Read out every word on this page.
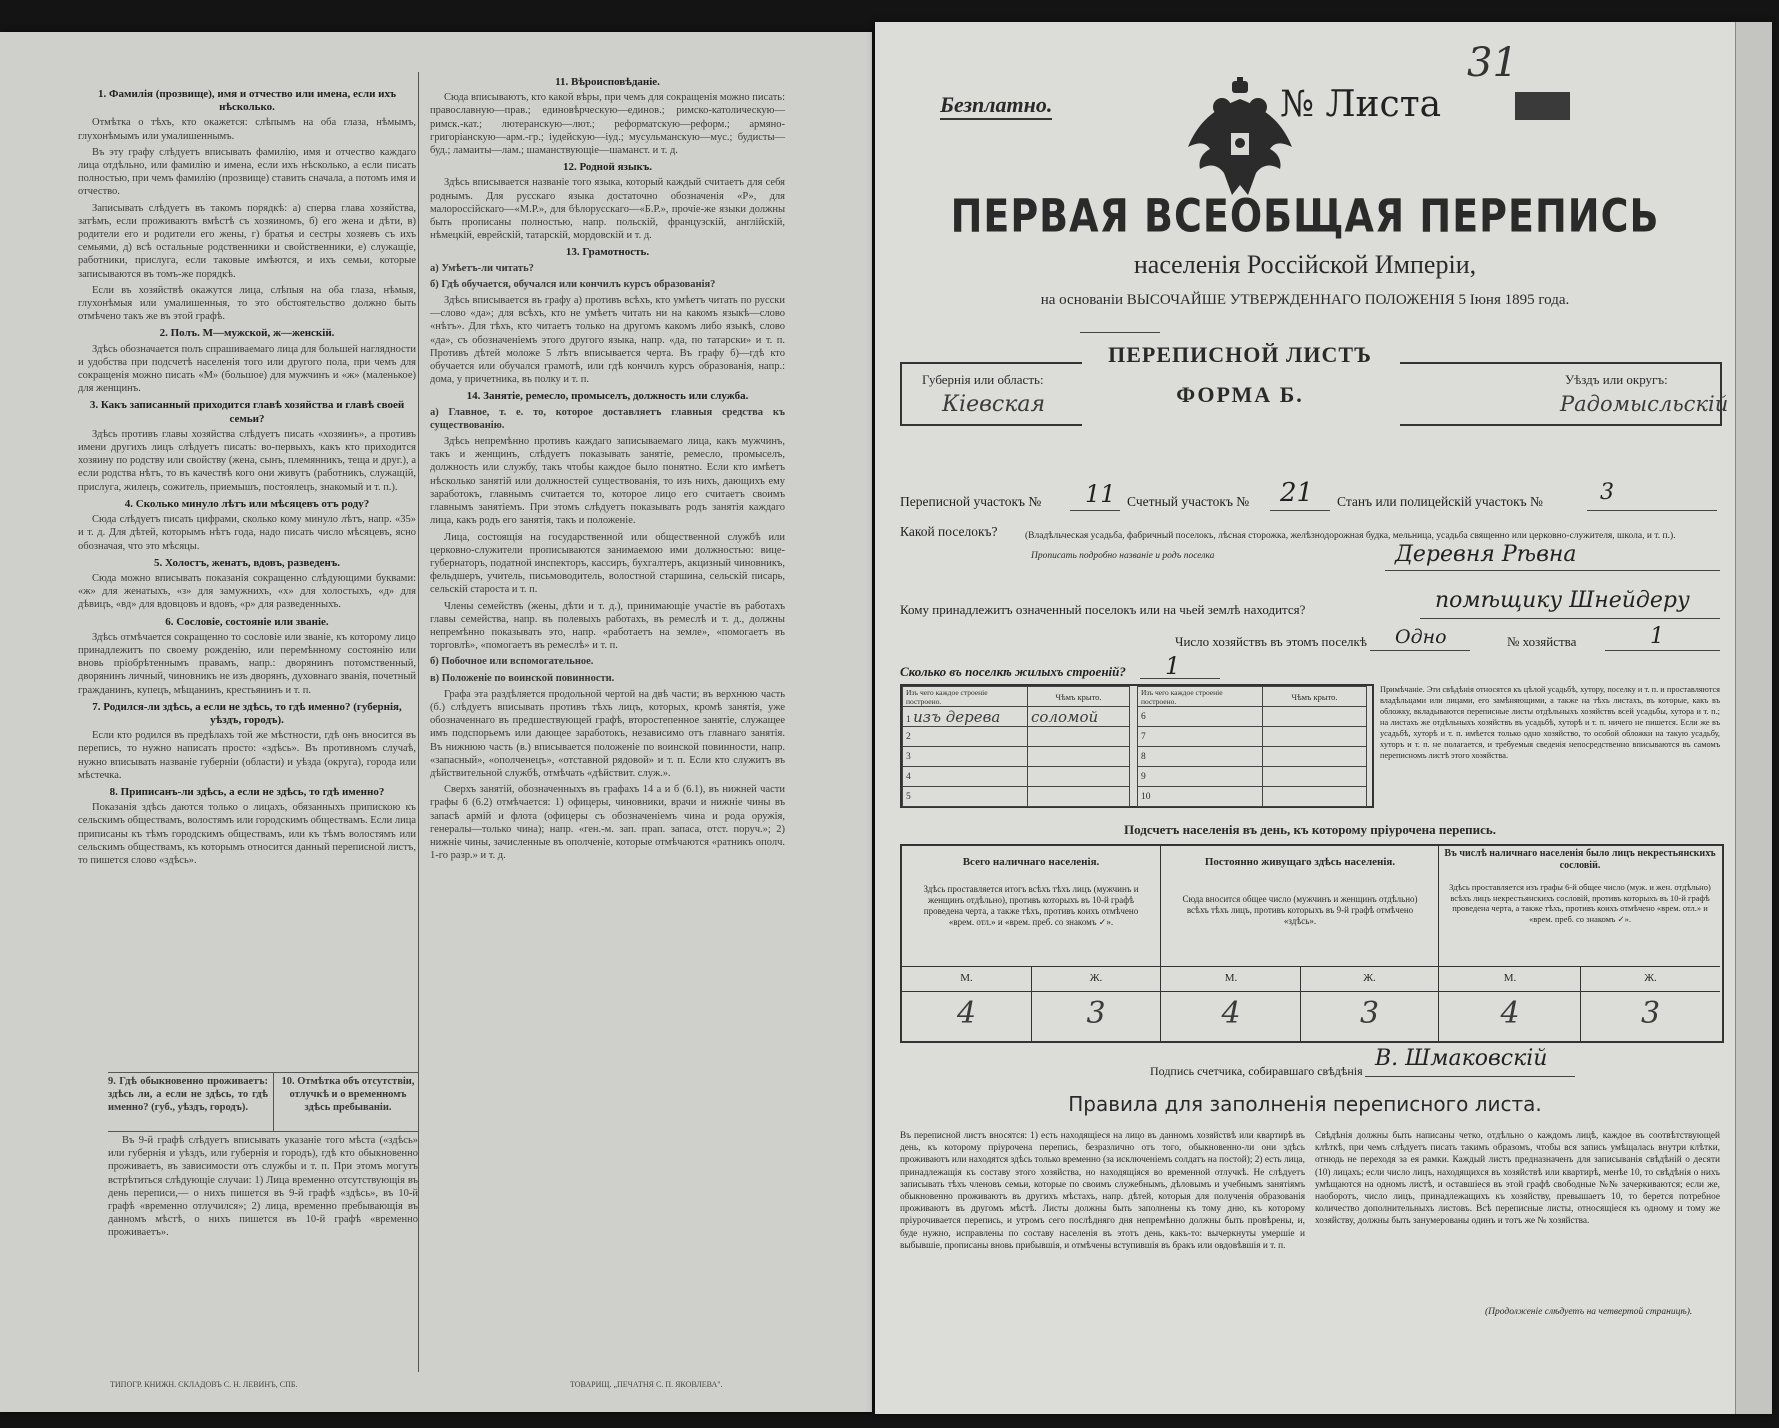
1. Фамилія (прозвище), имя и отчество или имена, если ихъ нѣсколько.

Отмѣтка о тѣхъ, кто окажется: слѣпымъ на оба глаза, нѣмымъ, глухонѣмымъ или умалишеннымъ.

Въ эту графу слѣдуетъ вписывать фамилію, имя и отчество каждаго лица отдѣльно, или фамилію и имена, если ихъ нѣсколько, а если писать полностью, при чемъ фамилію (прозвище) ставить сначала, а потомъ имя и отчество.

Записывать слѣдуетъ въ такомъ порядкѣ: а) сперва глава хозяйства, затѣмъ, если проживаютъ вмѣстѣ съ хозяиномъ, б) его жена и дѣти, в) родители его и родители его жены, г) братья и сестры хозяевъ съ ихъ семьями, д) всѣ остальные родственники и свойственники, е) служащіе, работники, прислуга, если таковые имѣются, и ихъ семьи, которые записываются въ томъ-же порядкѣ.

Если въ хозяйствѣ окажутся лица, слѣпыя на оба глаза, нѣмыя, глухонѣмыя или умалишенныя, то это обстоятельство должно быть отмѣчено такъ же въ этой графѣ.

2. Полъ. М—мужской, ж—женскій.

Здѣсь обозначается полъ спрашиваемаго лица для большей наглядности и удобства при подсчетѣ населенія того или другого пола, при чемъ для сокращенія можно писать «М» (большое) для мужчинъ и «ж» (маленькое) для женщинъ.

3. Какъ записанный приходится главѣ хозяйства и главѣ своей семьи?

Здѣсь противъ главы хозяйства слѣдуетъ писать «хозяинъ», а противъ имени другихъ лицъ слѣдуетъ писать: во-первыхъ, какъ кто приходится хозяину по родству или свойству (жена, сынъ, племянникъ, теща и друг.), а если родства нѣтъ, то въ качествѣ кого они живутъ (работникъ, служащій, прислуга, жилецъ, сожитель, приемышъ, постоялецъ, знакомый и т. п.).

4. Сколько минуло лѣтъ или мѣсяцевъ отъ роду?

Сюда слѣдуетъ писать цифрами, сколько кому минуло лѣтъ, напр. «35» и т. д. Для дѣтей, которымъ нѣтъ года, надо писать число мѣсяцевъ, ясно обозначая, что это мѣсяцы.

5. Холостъ, женатъ, вдовъ, разведенъ.

Сюда можно вписывать показанія сокращенно слѣдующими буквами: «ж» для женатыхъ, «з» для замужнихъ, «х» для холостыхъ, «д» для дѣвицъ, «вд» для вдовцовъ и вдовъ, «р» для разведенныхъ.

6. Сословіе, состояніе или званіе.

Здѣсь отмѣчается сокращенно то сословіе или званіе, къ которому лицо принадлежитъ по своему рожденію, или перемѣнному состоянію или вновь пріобрѣтеннымъ правамъ, напр.: дворянинъ потомственный, дворянинъ личный, чиновникъ не изъ дворянъ, духовнаго званія, почетный гражданинъ, купецъ, мѣщанинъ, крестьянинъ и т. п.

7. Родился-ли здѣсь, а если не здѣсь, то гдѣ именно? (губернія, уѣздъ, городъ).

Если кто родился въ предѣлахъ той же мѣстности, гдѣ онъ вносится въ перепись, то нужно написать просто: «здѣсь». Въ противномъ случаѣ, нужно вписывать названіе губерніи (области) и уѣзда (округа), города или мѣстечка.

8. Приписанъ-ли здѣсь, а если не здѣсь, то гдѣ именно?

Показанія здѣсь даются только о лицахъ, обязанныхъ припискою къ сельскимъ обществамъ, волостямъ или городскимъ обществамъ. Если лица приписаны къ тѣмъ городскимъ обществамъ, или къ тѣмъ волостямъ или сельскимъ обществамъ, къ которымъ относится данный переписной листъ, то пишется слово «здѣсь».

9. Гдѣ обыкновенно проживаетъ: здѣсь ли, а если не здѣсь, то гдѣ именно? (губ., уѣздъ, городъ).
10. Отмѣтка объ отсутствіи, отлучкѣ и о временномъ здѣсь пребываніи.

Въ 9-й графѣ слѣдуетъ вписывать указаніе того мѣста («здѣсь» или губернія и уѣздъ, или губернія и городъ), гдѣ кто обыкновенно проживаетъ, въ зависимости отъ службы и т. п. При этомъ могутъ встрѣтиться слѣдующіе случаи: 1) Лица временно отсутствующія въ день переписи,— о нихъ пишется въ 9-й графѣ «здѣсь», въ 10-й графѣ «временно отлучился»; 2) лица, временно пребывающія въ данномъ мѣстѣ, о нихъ пишется въ 10-й графѣ «временно проживаетъ».

ТИПОГР. КНИЖН. СКЛАДОВЪ С. Н. ЛЕВИНЪ, СПБ.
11. Вѣроисповѣданіе.

Сюда вписываютъ, кто какой вѣры, при чемъ для сокращенія можно писать: православную—прав.; единовѣрческую—единов.; римско-католическую—римск.-кат.; лютеранскую—лют.; реформатскую—реформ.; армяно-григоріанскую—арм.-гр.; іудейскую—іуд.; мусульманскую—мус.; будисты—буд.; ламаиты—лам.; шаманствующіе—шаманст. и т. д.

12. Родной языкъ.

Здѣсь вписывается названіе того языка, который каждый считаетъ для себя роднымъ. Для русскаго языка достаточно обозначенія «Р», для малороссійскаго—«М.Р.», для бѣлорусскаго—«Б.Р.», прочіе-же языки должны быть прописаны полностью, напр. польскій, французскій, англійскій, нѣмецкій, еврейскій, татарскій, мордовскій и т. д.

13. Грамотность.

а) Умѣетъ-ли читать?

б) Гдѣ обучается, обучался или кончилъ курсъ образованія?

Здѣсь вписывается въ графу а) противъ всѣхъ, кто умѣетъ читать по русски—слово «да»; для всѣхъ, кто не умѣетъ читать ни на какомъ языкѣ—слово «нѣтъ». Для тѣхъ, кто читаетъ только на другомъ какомъ либо языкѣ, слово «да», съ обозначеніемъ этого другого языка, напр. «да, по татарски» и т. п. Противъ дѣтей моложе 5 лѣтъ вписывается черта. Въ графу б)—гдѣ кто обучается или обучался грамотѣ, или гдѣ кончилъ курсъ образованія, напр.: дома, у причетника, въ полку и т. п.

14. Занятіе, ремесло, промыселъ, должность или служба.

а) Главное, т. е. то, которое доставляетъ главныя средства къ существованію.

Здѣсь непремѣнно противъ каждаго записываемаго лица, какъ мужчинъ, такъ и женщинъ, слѣдуетъ показывать занятіе, ремесло, промыселъ, должность или службу, такъ чтобы каждое было понятно. Если кто имѣетъ нѣсколько занятій или должностей существованія, то изъ нихъ, дающихъ ему заработокъ, главнымъ считается то, которое лицо его считаетъ своимъ главнымъ занятіемъ. При этомъ слѣдуетъ показывать родъ занятія каждаго лица, какъ родъ его занятія, такъ и положеніе.

Лица, состоящія на государственной или общественной службѣ или церковно-служители прописываются занимаемою ими должностью: вице-губернаторъ, податной инспекторъ, кассиръ, бухгалтеръ, акцизный чиновникъ, фельдшеръ, учитель, письмоводитель, волостной старшина, сельскій писарь, сельскій староста и т. п.

Члены семействъ (жены, дѣти и т. д.), принимающіе участіе въ работахъ главы семейства, напр. въ полевыхъ работахъ, въ ремеслѣ и т. д., должны непремѣнно показывать это, напр. «работаетъ на земле», «помогаетъ въ торговлѣ», «помогаетъ въ ремеслѣ» и т. п.

б) Побочное или вспомогательное.

в) Положеніе по воинской повинности.

Графа эта раздѣляется продольной чертой на двѣ части; въ верхнюю часть (б.) слѣдуетъ вписывать противъ тѣхъ лицъ, которых, кромѣ занятія, уже обозначеннаго въ предшествующей графѣ, второстепенное занятіе, служащее имъ подспорьемъ или дающее заработокъ, независимо отъ главнаго занятія. Въ нижнюю часть (в.) вписывается положеніе по воинской повинности, напр. «запасный», «ополченецъ», «отставной рядовой» и т. п. Если кто служитъ въ дѣйствительной службѣ, отмѣчать «дѣйствит. служ.».

Сверхъ занятій, обозначенныхъ въ графахъ 14 а и б (6.1), въ нижней части графы 6 (6.2) отмѣчается: 1) офицеры, чиновники, врачи и нижніе чины въ запасѣ армій и флота (офицеры съ обозначеніемъ чина и рода оружія, генералы—только чина); напр. «ген.-м. зап. прап. запаса, отст. поруч.»; 2) нижніе чины, зачисленные въ ополченіе, которые отмѣчаются «ратникъ ополч. 1-го разр.» и т. д.

ТОВАРИЩ. „ПЕЧАТНЯ С. П. ЯКОВЛЕВА".
31
Безплатно.	№ Листа
ПЕРВАЯ ВСЕОБЩАЯ ПЕРЕПИСЬ
населенія Россійской Имперіи,
на основаніи ВЫСОЧАЙШЕ УТВЕРЖДЕННАГО ПОЛОЖЕНІЯ 5 Іюня 1895 года.
Губернія или область:
Кіевская
ПЕРЕПИСНОЙ ЛИСТЪ
ФОРМА Б.
Уѣздъ или округъ:
Радомысльскій
Переписной участокъ № 11 Счетный участокъ № 21 Станъ или полицейскій участокъ №	3
Какой поселокъ?	(Владѣльческая усадьба, фабричный поселокъ, лѣсная сторожка, желѣзнодорожная будка, мельница, усадьба священно или церковно-служителя, школа, и т. п.). Прописать подробно названіе и родъ поселка	Деревня Рѣвна
Кому принадлежитъ означенный поселокъ или на чьей землѣ находится?	помѣщику Шнейдеру
Число хозяйствъ въ этомъ поселкѣ Одно	№ хозяйства	1
Сколько въ поселкѣ жилыхъ строеній? 1
Изъ чего каждое строеніе построено.	Чѣмъ крыто.
1 изъ дерева	соломой
2	
3	
4	
5	
Изъ чего каждое строеніе построено.	Чѣмъ крыто.
6	
7	
8	
9	
10	
Примѣчаніе. Эти свѣдѣнія относятся къ цѣлой усадьбѣ, хутору, поселку и т. п. и проставляются владѣльцами или лицами, его замѣняющими, а также на тѣхъ листахъ, въ которые, какъ въ обложку, вкладываются переписные листы отдѣльныхъ хозяйствъ всей усадьбы, хутора и т. п.; на листахъ же отдѣльныхъ хозяйствъ въ усадьбѣ, хуторѣ и т. п. ничего не пишется. Если же въ усадьбѣ, хуторѣ и т. п. имѣется только одно хозяйство, то особой обложки на такую усадьбу, хуторъ и т. п. не полагается, и требуемыя сведенія непосредственно вписываются въ самомъ переписномъ листѣ этого хозяйства.
Подсчетъ населенія въ день, къ которому пріурочена перепись.
Всего наличнаго населенія.
Здѣсь проставляется итогъ всѣхъ тѣхъ лицъ (мужчинъ и женщинъ отдѣльно), противъ которыхъ въ 10-й графѣ проведена черта, а также тѣхъ, противъ коихъ отмѣчено «врем. отл.» и «врем. преб. со знакомъ ✓».
Постоянно живущаго здѣсь населенія.
Сюда вносится общее число (мужчинъ и женщинъ отдѣльно) всѣхъ тѣхъ лицъ, противъ которыхъ въ 9-й графѣ отмѣчено «здѣсь».
Въ числѣ наличнаго населенія было лицъ некрестьянскихъ сословій.
Здѣсь проставляется изъ графы 6-й общее число (муж. и жен. отдѣльно) всѣхъ лицъ некрестьянскихъ сословій, противъ которыхъ въ 10-й графѣ проведена черта, а также тѣхъ, противъ коихъ отмѣчено «врем. отл.» и «врем. преб. со знакомъ ✓».
М.	Ж.	М.	Ж.	М.	Ж.
4	3	4	3	4	3
Подпись счетчика, собиравшаго свѣдѣнія В. Шмаковскій
Правила для заполненія переписного листа.
Въ переписной листъ вносятся: 1) есть находящіеся на лицо въ данномъ хозяйствѣ или квартирѣ въ день, къ которому пріурочена перепись, безразлично отъ того, обыкновенно-ли они здѣсь проживаютъ или находятся здѣсь только временно (за исключеніемъ солдатъ на постой); 2) есть лица, принадлежащія къ составу этого хозяйства, но находящіяся во временной отлучкѣ. Не слѣдуетъ записывать тѣхъ членовъ семьи, которые по своимъ служебнымъ, дѣловымъ и учебнымъ занятіямъ обыкновенно проживаютъ въ другихъ мѣстахъ, напр. дѣтей, которыя для полученія образованія проживаютъ въ другомъ мѣстѣ. Листы должны быть заполнены къ тому дню, къ которому пріурочивается перепись, и утромъ сего послѣдняго дня непремѣнно должны быть провѣрены, и, буде нужно, исправлены по составу населенія въ этотъ день, какъ-то: вычеркнуты умершіе и выбывшіе, прописаны вновь прибывшія, и отмѣчены вступившія въ бракъ или овдовѣвшія и т. п.
Свѣдѣнія должны быть написаны четко, отдѣльно о каждомъ лицѣ, каждое въ соотвѣтствующей клѣткѣ, при чемъ слѣдуетъ писать такимъ образомъ, чтобы вся запись умѣщалась внутри клѣтки, отнюдь не переходя за ея рамки. Каждый листъ предназначенъ для записыванія свѣдѣній о десяти (10) лицахъ; если число лицъ, находящихся въ хозяйствѣ или квартирѣ, менѣе 10, то свѣдѣнія о нихъ умѣщаются на одномъ листѣ, и оставшіеся въ этой графѣ свободные №№ зачеркиваются; если же, наоборотъ, число лицъ, принадлежащихъ къ хозяйству, превышаетъ 10, то берется потребное количество дополнительныхъ листовъ. Всѣ переписные листы, относящіеся къ одному и тому же хозяйству, должны быть занумерованы одинъ и тотъ же № хозяйства.
(Продолженіе слѣдуетъ на четвертой страницѣ).
